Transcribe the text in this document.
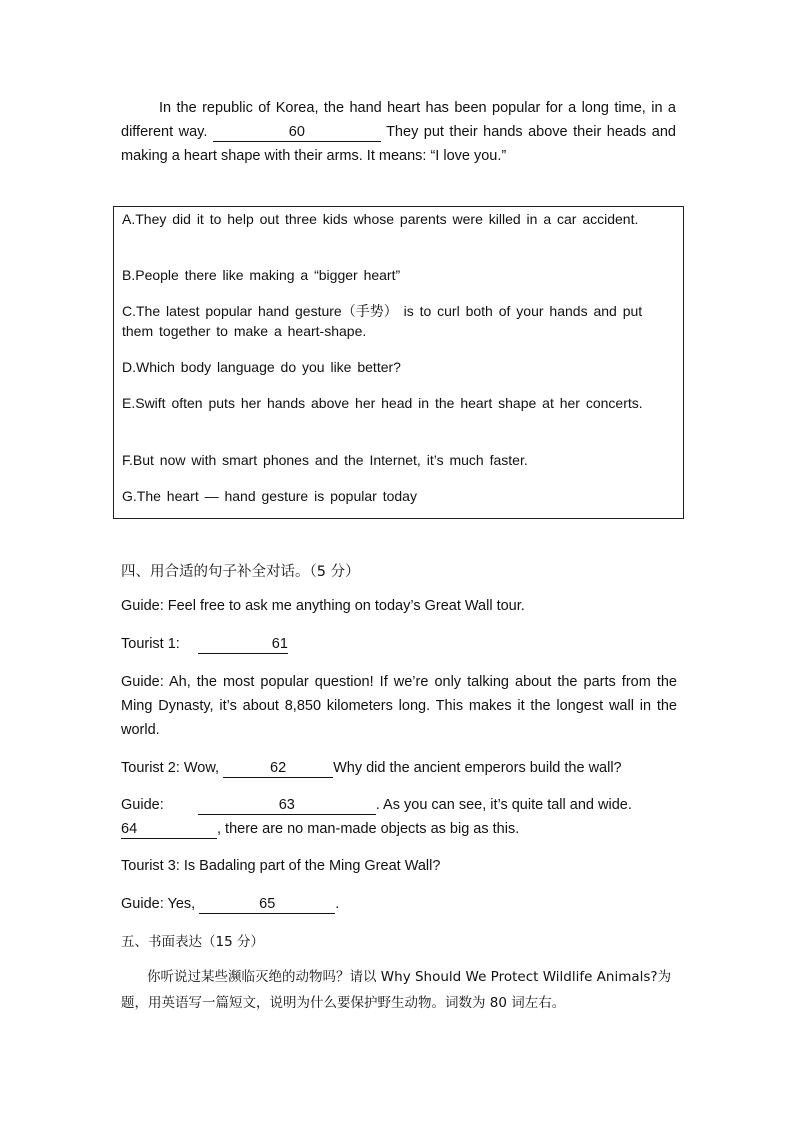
In the republic of Korea, the hand heart has been popular for a long time, in a different way.	60	They put their hands above their heads and making a heart shape with their arms. It means: “I love you.”
A.They did it to help out three kids whose parents were killed in a car accident.
B.People there like making a “bigger heart”
C.The latest popular hand gesture（手势） is to curl both of your hands and put them together to make a heart-shape.
D.Which body language do you like better?
E.Swift often puts her hands above her head in the heart shape at her concerts.
F.But now with smart phones and the Internet, it’s much faster.
G.The heart — hand gesture is popular today
四、用合适的句子补全对话。（5 分）
Guide: Feel free to ask me anything on today’s Great Wall tour.
Tourist 1:	61
Guide: Ah, the most popular question! If we’re only talking about the parts from the Ming Dynasty, it’s about 8,850 kilometers long. This makes it the longest wall in the world.
Tourist 2: Wow,	62	Why did the ancient emperors build the wall?
Guide:	63	. As you can see, it’s quite tall and wide.
64	, there are no man-made objects as big as this.
Tourist 3: Is Badaling part of the Ming Great Wall?
Guide: Yes,	65	.
五、书面表达（15 分）
你听说过某些濒临灭绝的动物吗？请以 Why Should We Protect Wildlife Animals?为题，用英语写一篇短文，说明为什么要保护野生动物。词数为 80 词左右。
